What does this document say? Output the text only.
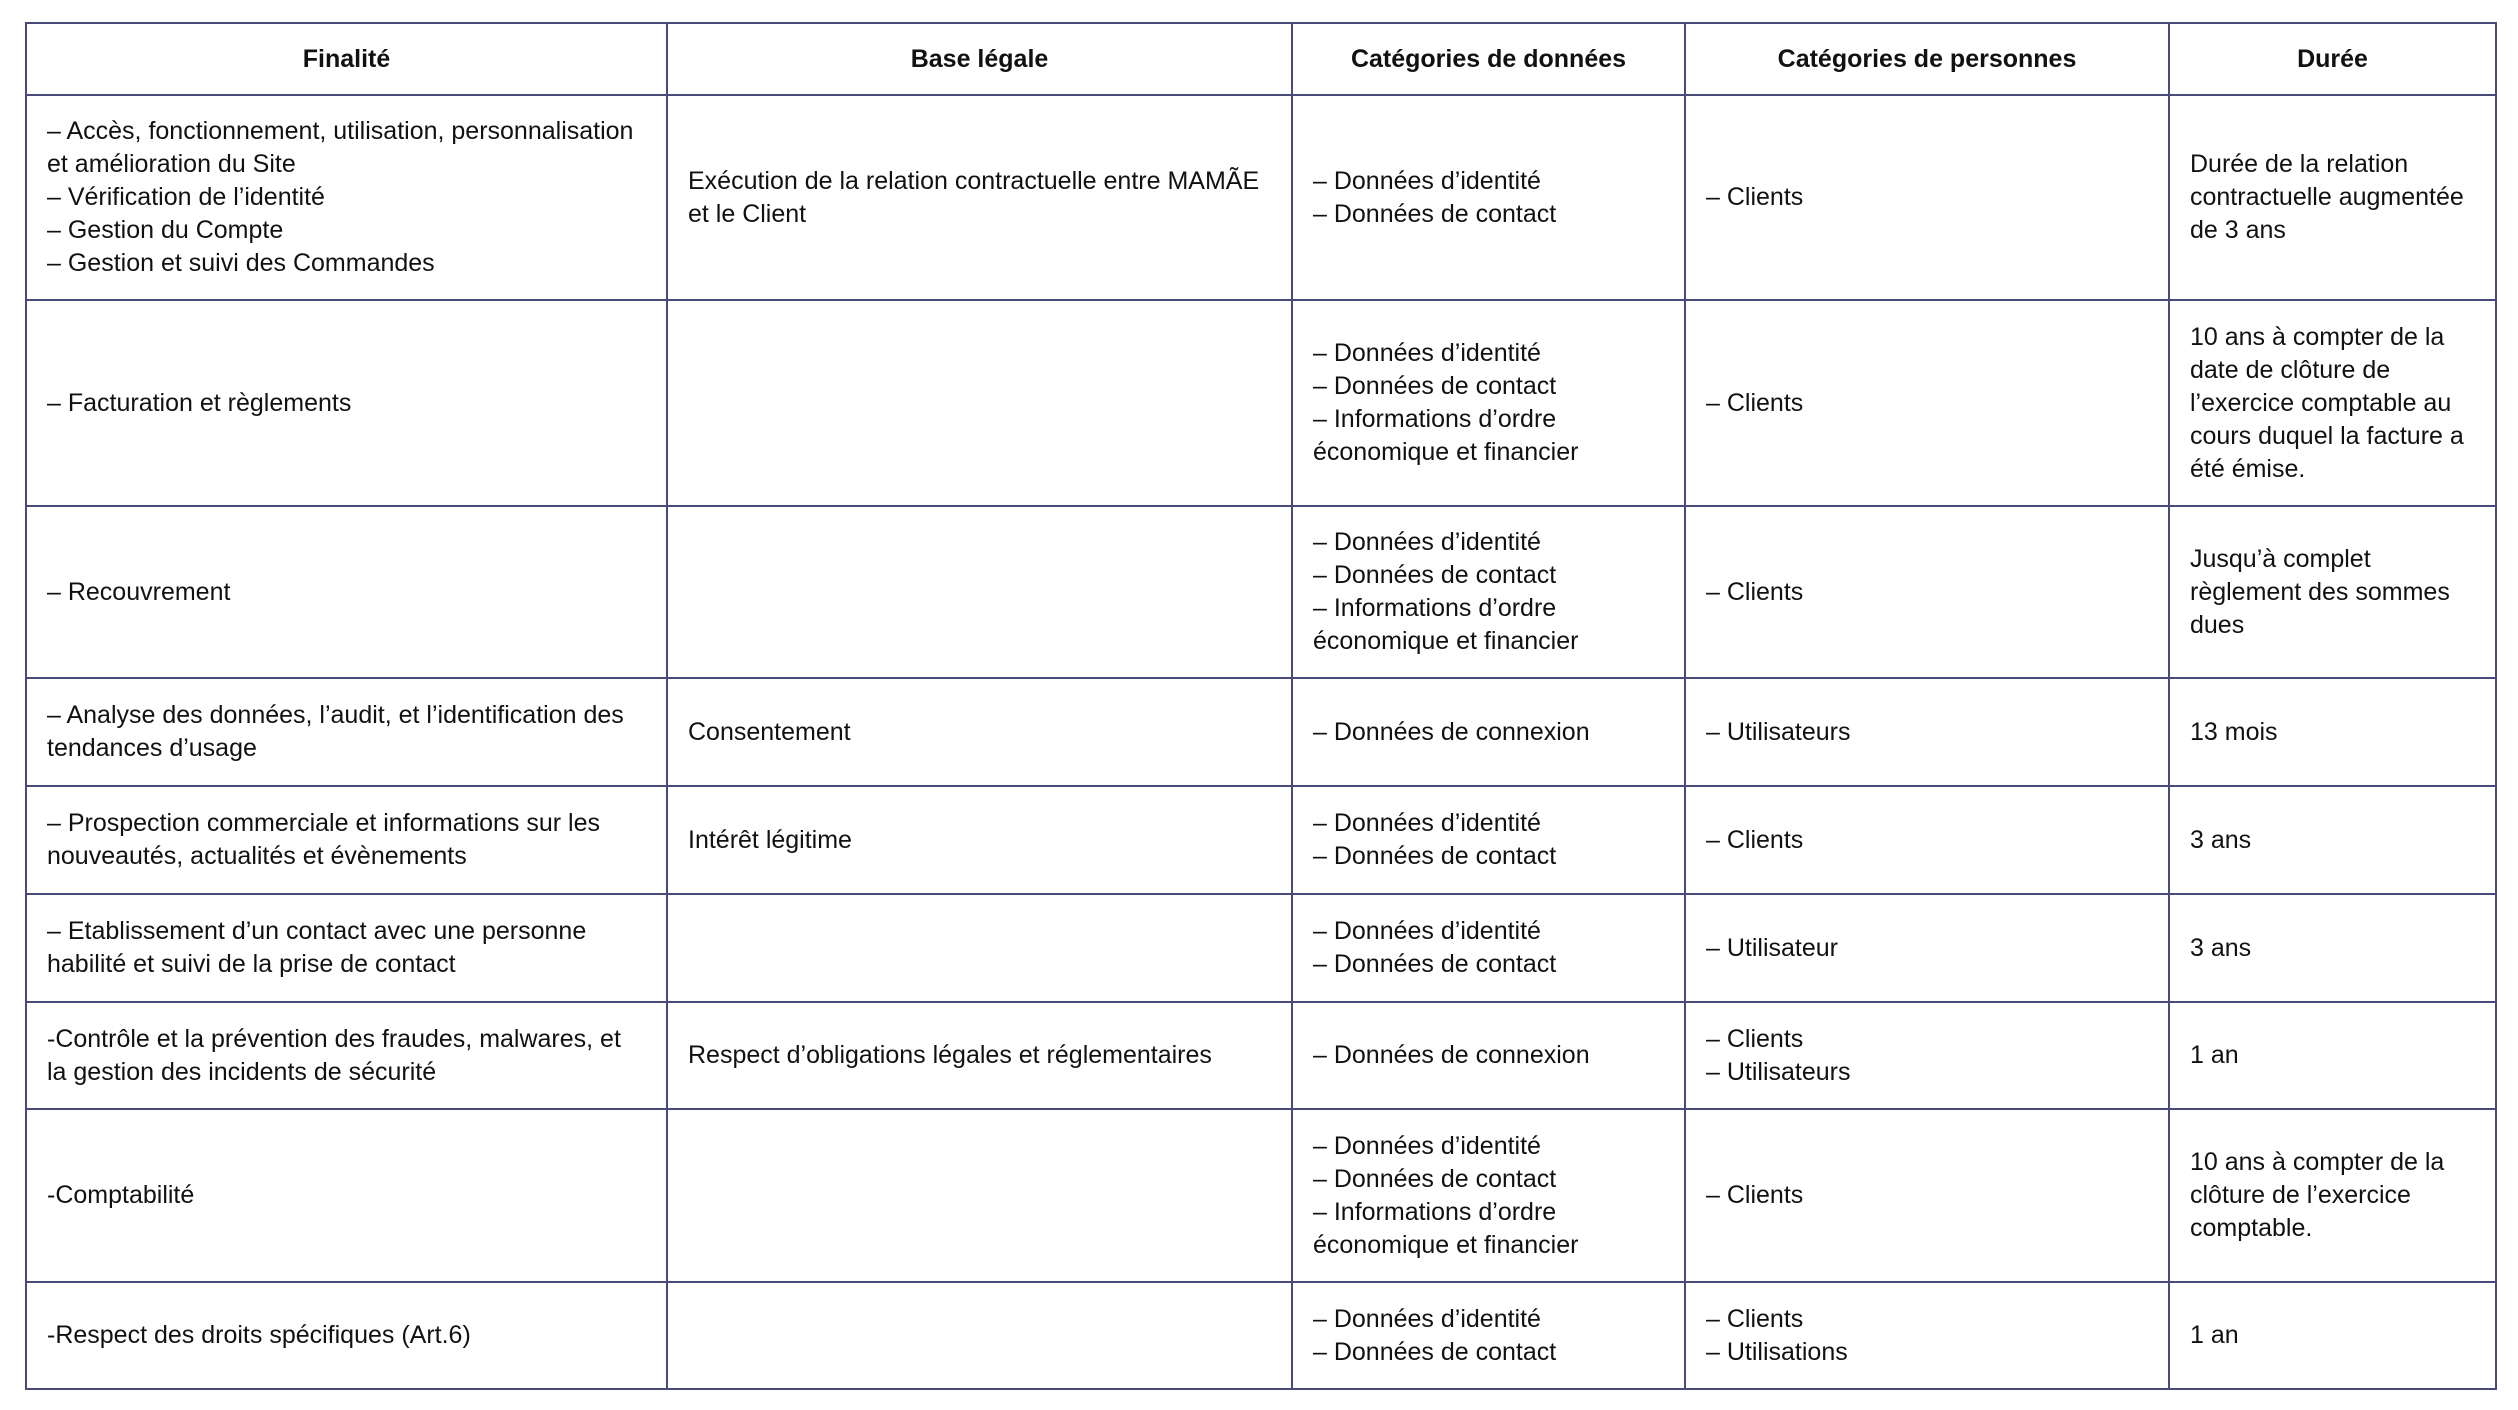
Finalité	Base légale	Catégories de données	Catégories de personnes	Durée

– Accès, fonctionnement, utilisation, personnalisation et amélioration du Site
– Vérification de l’identité
– Gestion du Compte
– Gestion et suivi des Commandes	Exécution de la relation contractuelle entre MAMÃE et le Client	– Données d’identité
– Données de contact	– Clients	Durée de la relation contractuelle augmentée de 3 ans

– Facturation et règlements		– Données d’identité
– Données de contact
– Informations d’ordre économique et financier	– Clients	10 ans à compter de la date de clôture de l’exercice comptable au cours duquel la facture a été émise.

– Recouvrement		– Données d’identité
– Données de contact
– Informations d’ordre économique et financier	– Clients	Jusqu’à complet règlement des sommes dues

– Analyse des données, l’audit, et l’identification des tendances d’usage	Consentement	– Données de connexion	– Utilisateurs	13 mois

– Prospection commerciale et informations sur les nouveautés, actualités et évènements	Intérêt légitime	– Données d’identité
– Données de contact	– Clients	3 ans

– Etablissement d’un contact avec une personne habilité et suivi de la prise de contact		– Données d’identité
– Données de contact	– Utilisateur	3 ans

-Contrôle et la prévention des fraudes, malwares, et la gestion des incidents de sécurité	Respect d’obligations légales et réglementaires	– Données de connexion	– Clients
– Utilisateurs	1 an

-Comptabilité		– Données d’identité
– Données de contact
– Informations d’ordre économique et financier	– Clients	10 ans à compter de la clôture de l’exercice comptable.

-Respect des droits spécifiques (Art.6)		– Données d’identité
– Données de contact	– Clients
– Utilisations	1 an
